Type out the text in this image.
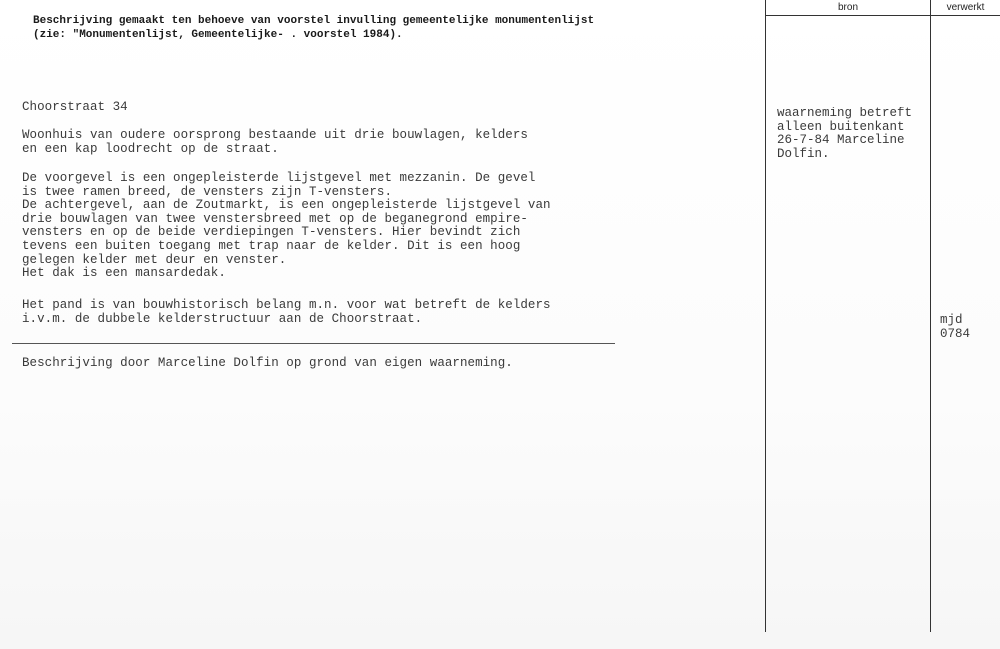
Beschrijving gemaakt ten behoeve van voorstel invulling gemeentelijke monumentenlijst
(zie: "Monumentenlijst, Gemeentelijke- . voorstel 1984).
Choorstraat 34
Woonhuis van oudere oorsprong bestaande uit drie bouwlagen, kelders
en een kap loodrecht op de straat.
De voorgevel is een ongepleisterde lijstgevel met mezzanin. De gevel
is twee ramen breed, de vensters zijn T-vensters.
De achtergevel, aan de Zoutmarkt, is een ongepleisterde lijstgevel van
drie bouwlagen van twee venstersbreed met op de beganegrond empire-
vensters en op de beide verdiepingen T-vensters. Hier bevindt zich
tevens een buiten toegang met trap naar de kelder. Dit is een hoog
gelegen kelder met deur en venster.
Het dak is een mansardedak.
Het pand is van bouwhistorisch belang m.n. voor wat betreft de kelders
i.v.m. de dubbele kelderstructuur aan de Choorstraat.
Beschrijving door Marceline Dolfin op grond van eigen waarneming.
bron	verwerkt
waarneming betreft
alleen buitenkant
26-7-84 Marceline
Dolfin.
mjd
0784
